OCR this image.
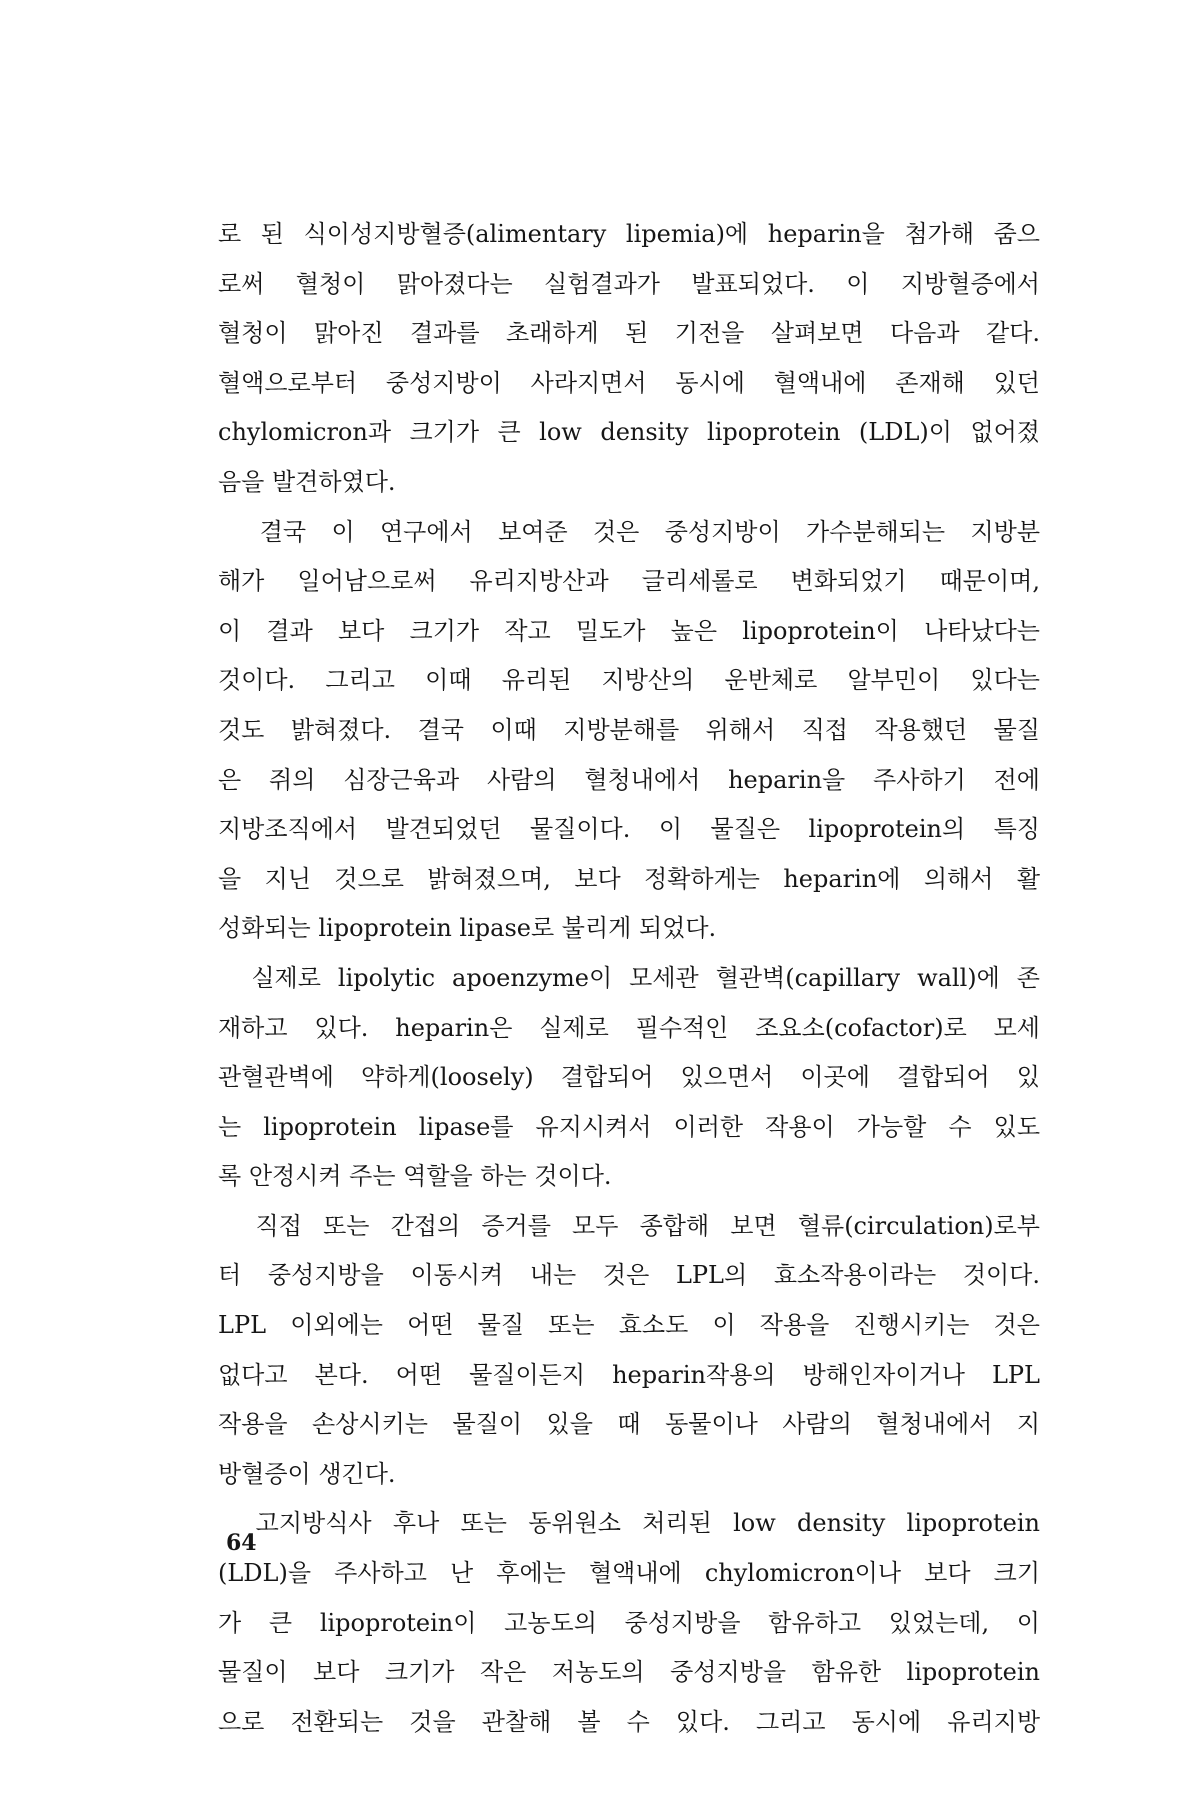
로 된 식이성지방혈증(alimentary lipemia)에 heparin을 첨가해 줌으
로써 혈청이 맑아졌다는 실험결과가 발표되었다. 이 지방혈증에서
혈청이 맑아진 결과를 초래하게 된 기전을 살펴보면 다음과 같다.
혈액으로부터 중성지방이 사라지면서 동시에 혈액내에 존재해 있던
chylomicron과 크기가 큰 low density lipoprotein (LDL)이 없어졌
음을 발견하였다.
　결국 이 연구에서 보여준 것은 중성지방이 가수분해되는 지방분
해가 일어남으로써 유리지방산과 글리세롤로 변화되었기 때문이며,
이 결과 보다 크기가 작고 밀도가 높은 lipoprotein이 나타났다는
것이다. 그리고 이때 유리된 지방산의 운반체로 알부민이 있다는
것도 밝혀졌다. 결국 이때 지방분해를 위해서 직접 작용했던 물질
은 쥐의 심장근육과 사람의 혈청내에서 heparin을 주사하기 전에
지방조직에서 발견되었던 물질이다. 이 물질은 lipoprotein의 특징
을 지닌 것으로 밝혀졌으며, 보다 정확하게는 heparin에 의해서 활
성화되는 lipoprotein lipase로 불리게 되었다.
　실제로 lipolytic apoenzyme이 모세관 혈관벽(capillary wall)에 존
재하고 있다. heparin은 실제로 필수적인 조요소(cofactor)로 모세
관혈관벽에 약하게(loosely) 결합되어 있으면서 이곳에 결합되어 있
는 lipoprotein lipase를 유지시켜서 이러한 작용이 가능할 수 있도
록 안정시켜 주는 역할을 하는 것이다.
　직접 또는 간접의 증거를 모두 종합해 보면 혈류(circulation)로부
터 중성지방을 이동시켜 내는 것은 LPL의 효소작용이라는 것이다.
LPL 이외에는 어떤 물질 또는 효소도 이 작용을 진행시키는 것은
없다고 본다. 어떤 물질이든지 heparin작용의 방해인자이거나 LPL
작용을 손상시키는 물질이 있을 때 동물이나 사람의 혈청내에서 지
방혈증이 생긴다.
　고지방식사 후나 또는 동위원소 처리된 low density lipoprotein
(LDL)을 주사하고 난 후에는 혈액내에 chylomicron이나 보다 크기
가 큰 lipoprotein이 고농도의 중성지방을 함유하고 있었는데, 이
물질이 보다 크기가 작은 저농도의 중성지방을 함유한 lipoprotein
으로 전환되는 것을 관찰해 볼 수 있다. 그리고 동시에 유리지방
64
